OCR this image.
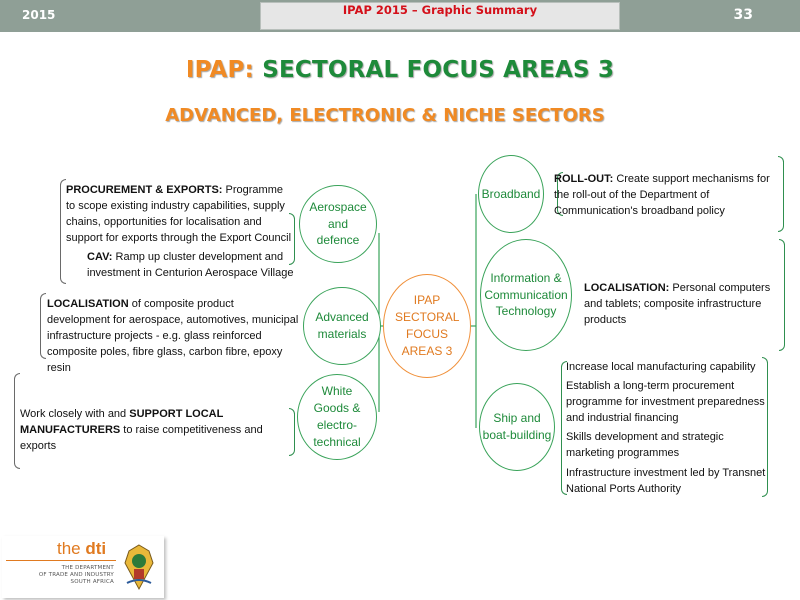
2015	IPAP 2015 – Graphic Summary	33
IPAP: SECTORAL FOCUS AREAS 3
ADVANCED, ELECTRONIC & NICHE SECTORS
PROCUREMENT & EXPORTS: Programme to scope existing industry capabilities, supply chains, opportunities for localisation and support for exports through the Export Council
CAV: Ramp up cluster development and investment in Centurion Aerospace Village
LOCALISATION of composite product development for aerospace, automotives, municipal infrastructure projects - e.g. glass reinforced composite poles, fibre glass, carbon fibre, epoxy resin
Work closely with and SUPPORT LOCAL MANUFACTURERS to raise competitiveness and exports
ROLL-OUT: Create support mechanisms for the roll-out of the Department of Communication's broadband policy
LOCALISATION: Personal computers and tablets; composite infrastructure products
Increase local manufacturing capability
Establish a long-term procurement programme for investment preparedness and industrial financing
Skills development and strategic marketing programmes
Infrastructure investment led by Transnet National Ports Authority
Aerospace and defence
Advanced materials
White Goods & electro-technical
IPAP SECTORAL FOCUS AREAS 3
Broadband
Information & Communication Technology
Ship and boat-building
the dti
THE DEPARTMENT
OF TRADE AND INDUSTRY
SOUTH AFRICA
